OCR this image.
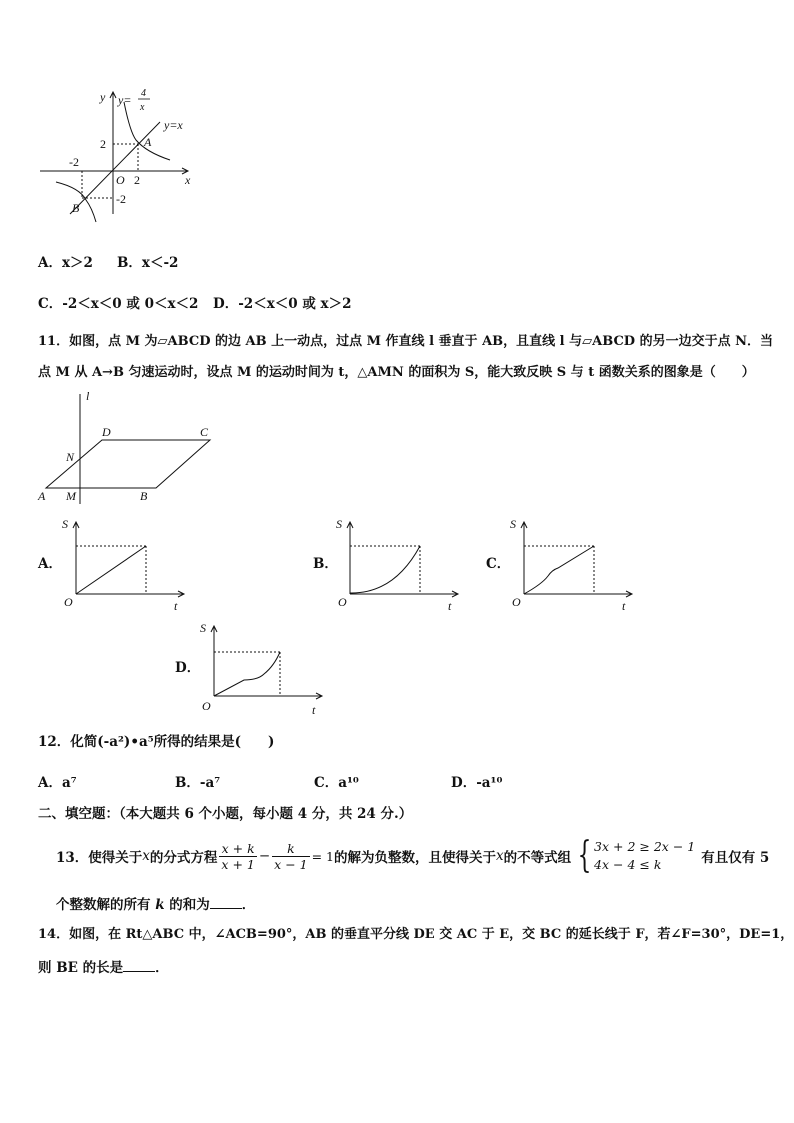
y y= 4
x
y=x
A
B
O	x
2
-2
2
-2
A．x＞2 B．x＜-2
C．-2＜x＜0 或 0＜x＜2 D．-2＜x＜0 或 x＞2
11．如图，点 M 为▱ABCD 的边 AB 上一动点，过点 M 作直线 l 垂直于 AB，且直线 l 与▱ABCD 的另一边交于点 N．当
点 M 从 A→B 匀速运动时，设点 M 的运动时间为 t，△AMN 的面积为 S，能大致反映 S 与 t 函数关系的图象是（　　）
l
D	C
N
A M	B
A．
S
O	t
B．
S
O	t
C．
S
O	t
D．
S
O	t
12．化简(-a²)•a⁵所得的结果是(　　)
A．a⁷	B．-a⁷	C．a¹⁰	D．-a¹⁰
二、填空题：（本大题共 6 个小题，每小题 4 分，共 24 分.）
13．使得关于 x 的分式方程
x + k
x + 1 − k
x − 1
= 1 的解为负整数，且使得关于 x 的不等式组 { 3x + 2 ≥ 2x − 1
4x − 4 ≤ k	有且仅有 5
个整数解的所有 k 的和为 ．
14．如图，在 Rt△ABC 中，∠ACB=90°，AB 的垂直平分线 DE 交 AC 于 E，交 BC 的延长线于 F，若∠F=30°，DE=1，
则 BE 的长是 ．
